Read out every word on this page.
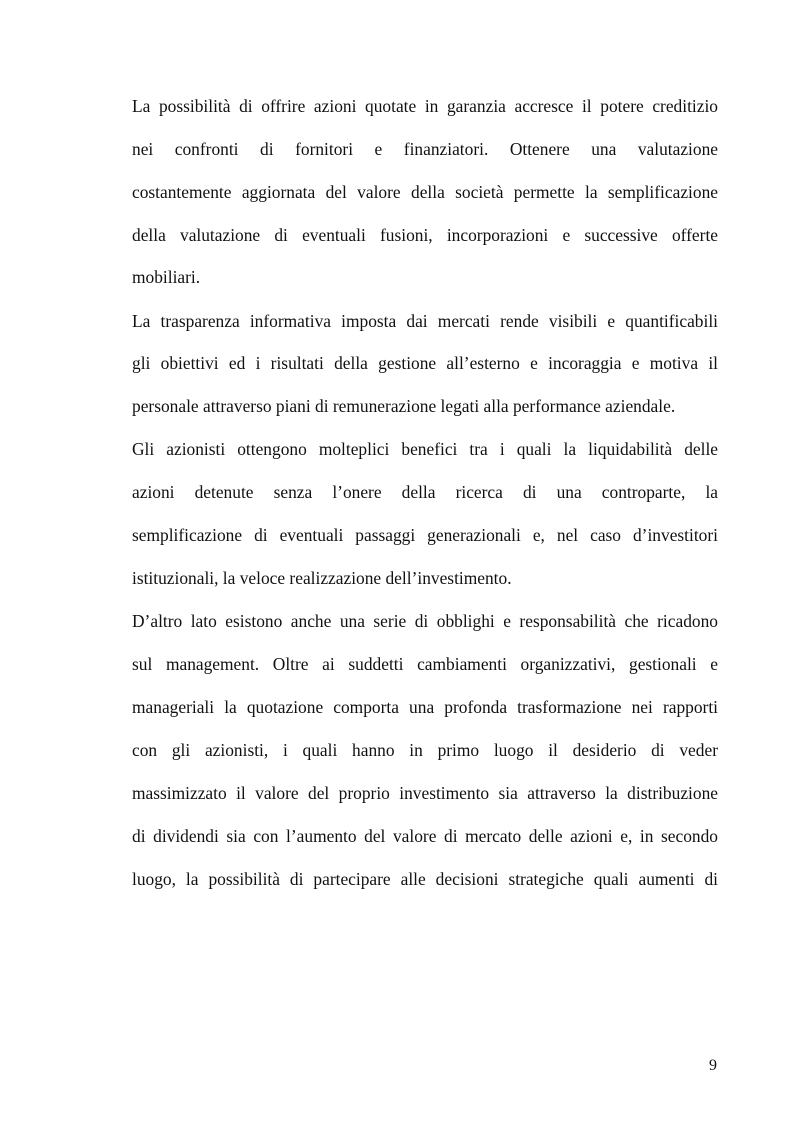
La possibilità di offrire azioni quotate in garanzia accresce il potere creditizio
nei confronti di fornitori e finanziatori. Ottenere una valutazione
costantemente aggiornata del valore della società permette la semplificazione
della valutazione di eventuali fusioni, incorporazioni e successive offerte
mobiliari.
La trasparenza informativa imposta dai mercati rende visibili e quantificabili
gli obiettivi ed i risultati della gestione all’esterno e incoraggia e motiva il
personale attraverso piani di remunerazione legati alla performance aziendale.
Gli azionisti ottengono molteplici benefici tra i quali la liquidabilità delle
azioni detenute senza l’onere della ricerca di una controparte, la
semplificazione di eventuali passaggi generazionali e, nel caso d’investitori
istituzionali, la veloce realizzazione dell’investimento.
D’altro lato esistono anche una serie di obblighi e responsabilità che ricadono
sul management. Oltre ai suddetti cambiamenti organizzativi, gestionali e
manageriali la quotazione comporta una profonda trasformazione nei rapporti
con gli azionisti, i quali hanno in primo luogo il desiderio di veder
massimizzato il valore del proprio investimento sia attraverso la distribuzione
di dividendi sia con l’aumento del valore di mercato delle azioni e, in secondo
luogo, la possibilità di partecipare alle decisioni strategiche quali aumenti di
9
